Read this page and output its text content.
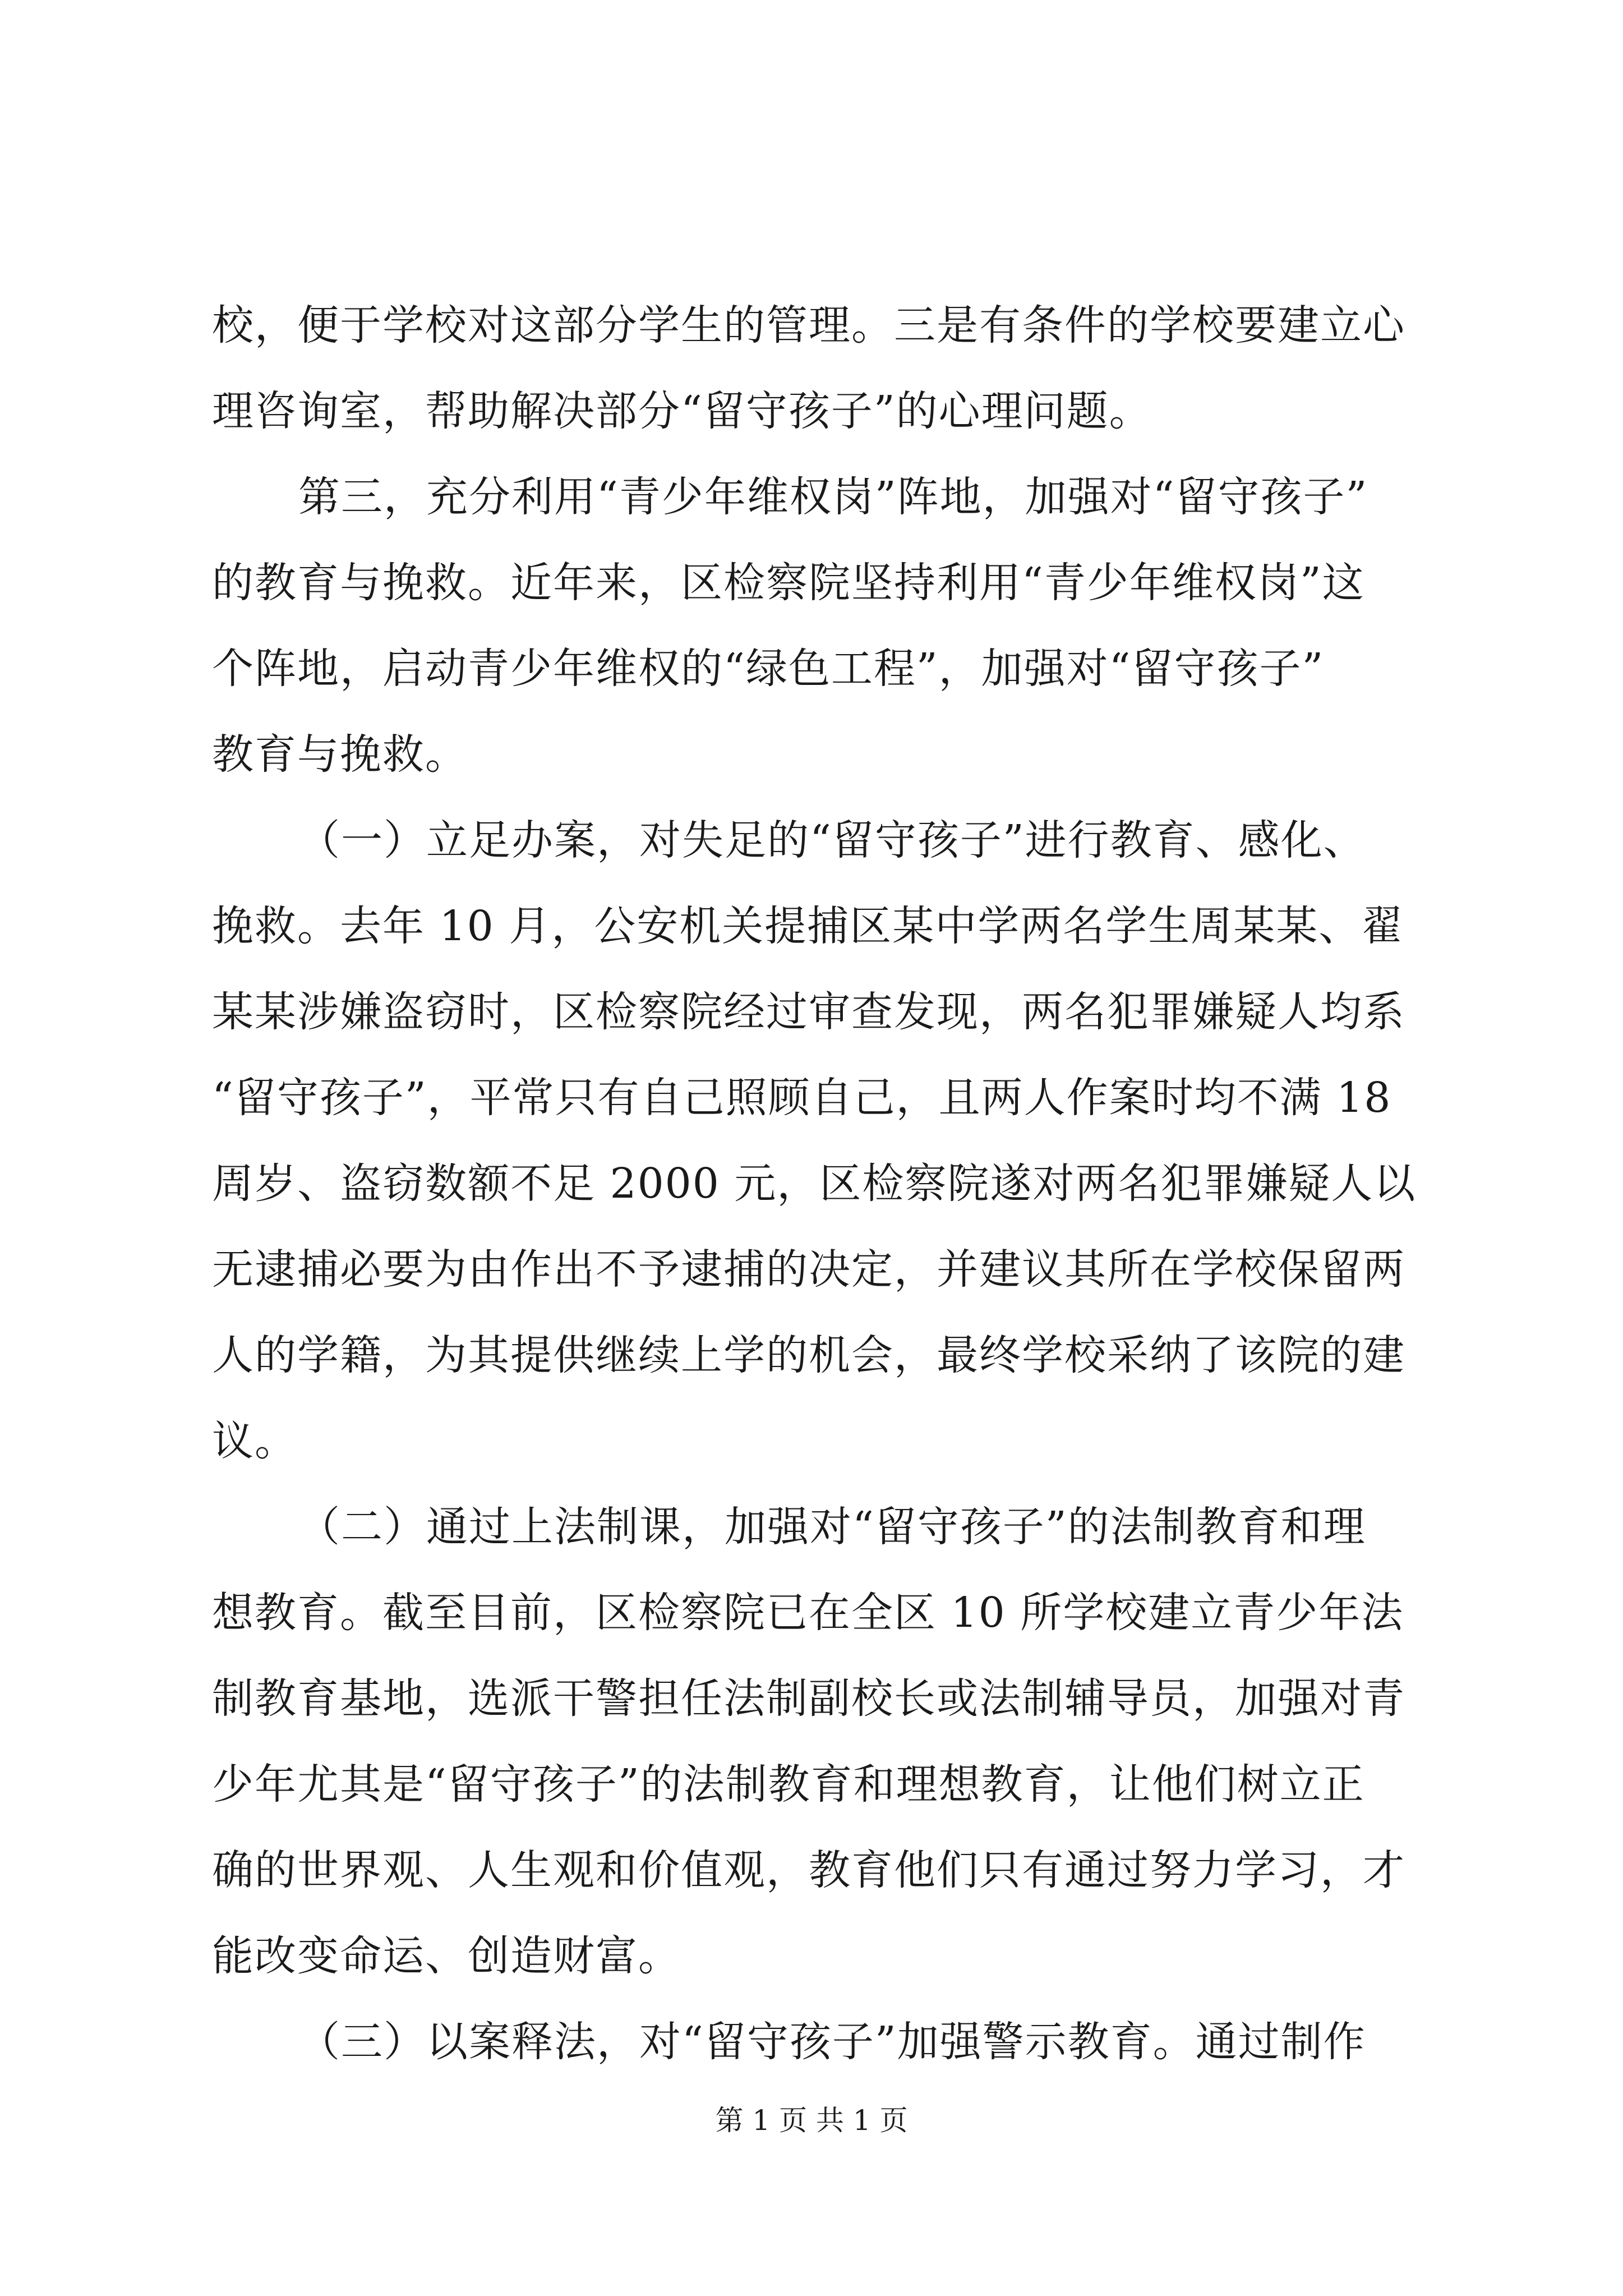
校，便于学校对这部分学生的管理。三是有条件的学校要建立心

理咨询室，帮助解决部分“留守孩子”的心理问题。

第三，充分利用“青少年维权岗”阵地，加强对“留守孩子”

的教育与挽救。近年来，区检察院坚持利用“青少年维权岗”这

个阵地，启动青少年维权的“绿色工程”，加强对“留守孩子”

教育与挽救。

（一）立足办案，对失足的“留守孩子”进行教育、感化、

挽救。去年 10 月，公安机关提捕区某中学两名学生周某某、翟

某某涉嫌盗窃时，区检察院经过审查发现，两名犯罪嫌疑人均系

“留守孩子”，平常只有自己照顾自己，且两人作案时均不满 18

周岁、盗窃数额不足 2000 元，区检察院遂对两名犯罪嫌疑人以

无逮捕必要为由作出不予逮捕的决定，并建议其所在学校保留两

人的学籍，为其提供继续上学的机会，最终学校采纳了该院的建

议。

（二）通过上法制课，加强对“留守孩子”的法制教育和理

想教育。截至目前，区检察院已在全区 10 所学校建立青少年法

制教育基地，选派干警担任法制副校长或法制辅导员，加强对青

少年尤其是“留守孩子”的法制教育和理想教育，让他们树立正

确的世界观、人生观和价值观，教育他们只有通过努力学习，才

能改变命运、创造财富。

（三）以案释法，对“留守孩子”加强警示教育。通过制作

第 1 页 共 1 页
